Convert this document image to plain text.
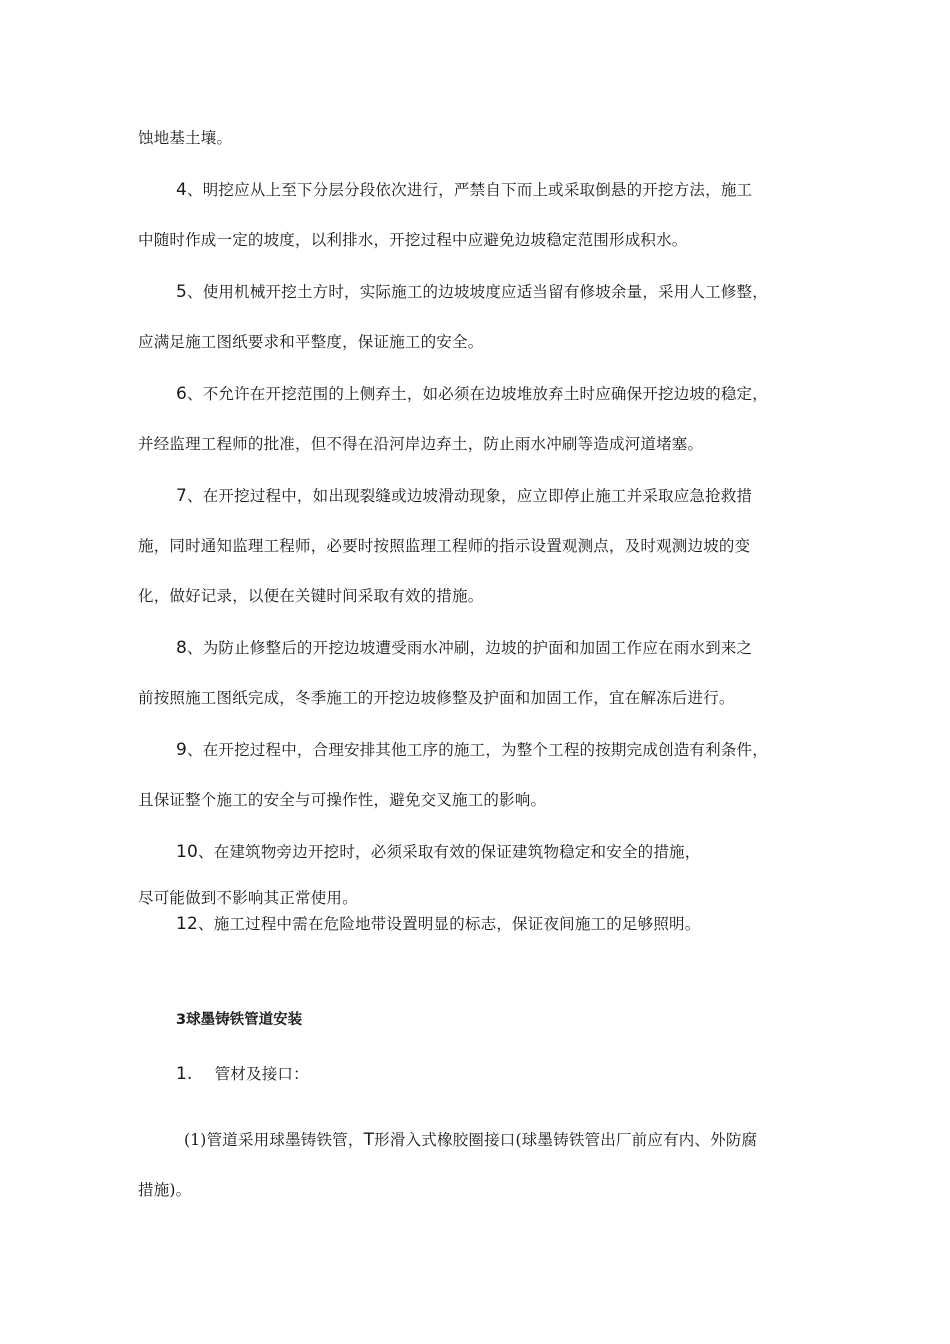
蚀地基土壤。
4、明挖应从上至下分层分段依次进行，严禁自下而上或采取倒悬的开挖方法，施工
中随时作成一定的坡度，以利排水，开挖过程中应避免边坡稳定范围形成积水。
5、使用机械开挖土方时，实际施工的边坡坡度应适当留有修坡余量，采用人工修整，
应满足施工图纸要求和平整度，保证施工的安全。
6、不允许在开挖范围的上侧弃土，如必须在边坡堆放弃土时应确保开挖边坡的稳定，
并经监理工程师的批准，但不得在沿河岸边弃土，防止雨水冲刷等造成河道堵塞。
7、在开挖过程中，如出现裂缝或边坡滑动现象，应立即停止施工并采取应急抢救措
施，同时通知监理工程师，必要时按照监理工程师的指示设置观测点，及时观测边坡的变
化，做好记录，以便在关键时间采取有效的措施。
8、为防止修整后的开挖边坡遭受雨水冲刷，边坡的护面和加固工作应在雨水到来之
前按照施工图纸完成，冬季施工的开挖边坡修整及护面和加固工作，宜在解冻后进行。
9、在开挖过程中，合理安排其他工序的施工，为整个工程的按期完成创造有利条件，
且保证整个施工的安全与可操作性，避免交叉施工的影响。
10、在建筑物旁边开挖时，必须采取有效的保证建筑物稳定和安全的措施，
尽可能做到不影响其正常使用。
12、施工过程中需在危险地带设置明显的标志，保证夜间施工的足够照明。
3球墨铸铁管道安装
1. 管材及接口：
(1)管道采用球墨铸铁管，T形滑入式橡胶圈接口(球墨铸铁管出厂前应有内、外防腐
措施)。
